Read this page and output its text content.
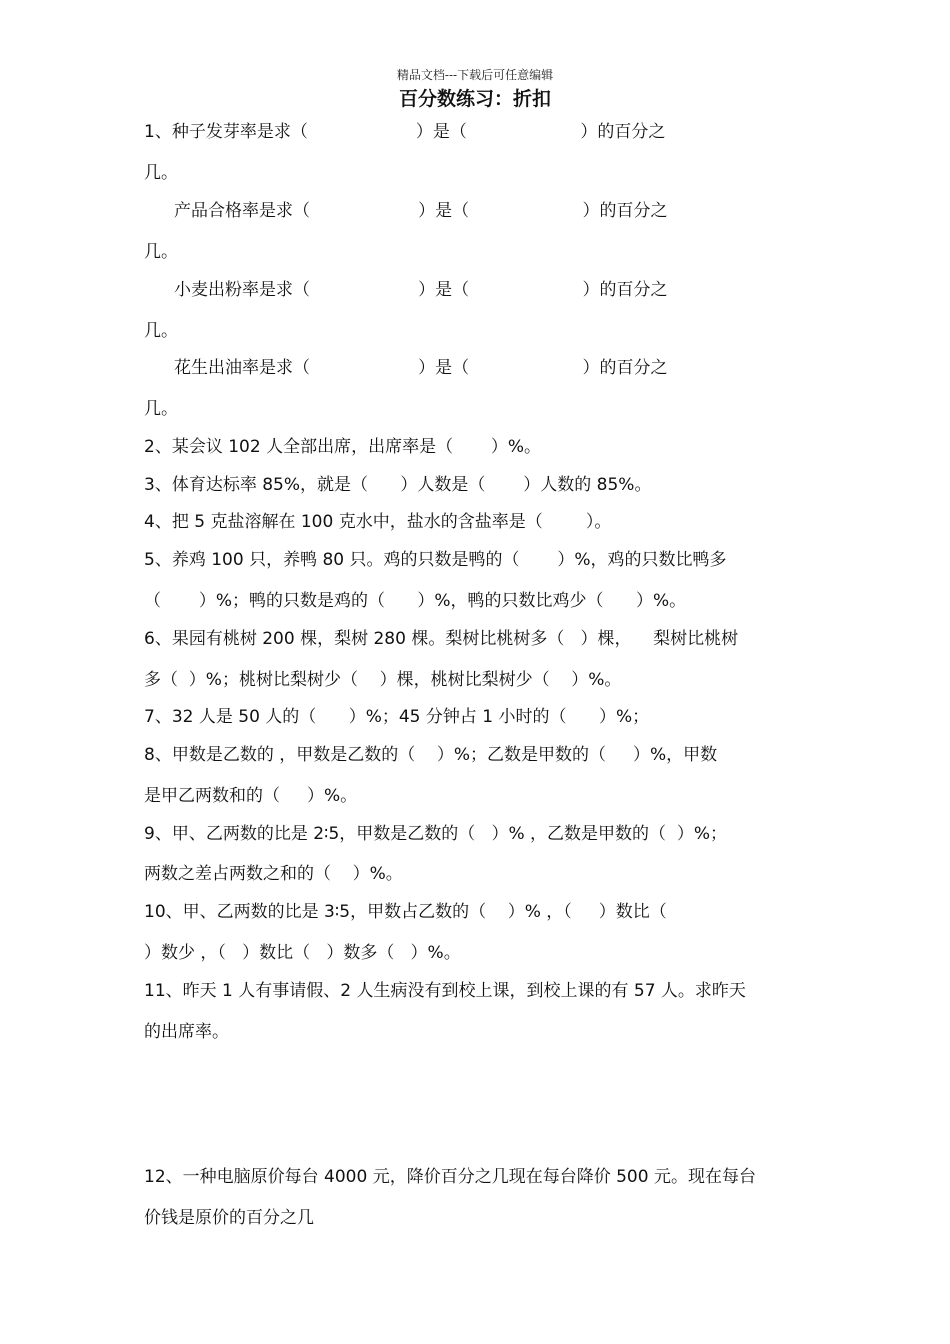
精品文档---下载后可任意编辑
百分数练习：折扣
1、种子发芽率是求（                    ）是（                     ）的百分之
几。
产品合格率是求（                    ）是（                     ）的百分之
几。
小麦出粉率是求（                    ）是（                     ）的百分之
几。
花生出油率是求（                    ）是（                     ）的百分之
几。
2、某会议 102 人全部出席，出席率是（       ）%。
3、体育达标率 85%，就是（      ）人数是（       ）人数的 85%。
4、把 5 克盐溶解在 100 克水中，盐水的含盐率是（        ）。
5、养鸡 100 只，养鸭 80 只。鸡的只数是鸭的（       ）%，鸡的只数比鸭多
（       ）%；鸭的只数是鸡的（      ）%，鸭的只数比鸡少（      ）%。
6、果园有桃树 200 棵，梨树 280 棵。梨树比桃树多（   ）棵，    梨树比桃树
多（  ）%；桃树比梨树少（    ）棵，桃树比梨树少（    ）%。
7、32 人是 50 人的（      ）%；45 分钟占 1 小时的（      ）%；
8、甲数是乙数的 ，甲数是乙数的（    ）%；乙数是甲数的（     ）%，甲数
是甲乙两数和的（     ）%。
9、甲、乙两数的比是 2∶5，甲数是乙数的（   ）% ，乙数是甲数的（  ）%；
两数之差占两数之和的（    ）%。
10、甲、乙两数的比是 3∶5，甲数占乙数的（    ）% ，（     ）数比（
）数少 ，（   ）数比（   ）数多（   ）%。
11、昨天 1 人有事请假、2 人生病没有到校上课，到校上课的有 57 人。求昨天
的出席率。
12、一种电脑原价每台 4000 元，降价百分之几现在每台降价 500 元。现在每台
价钱是原价的百分之几
